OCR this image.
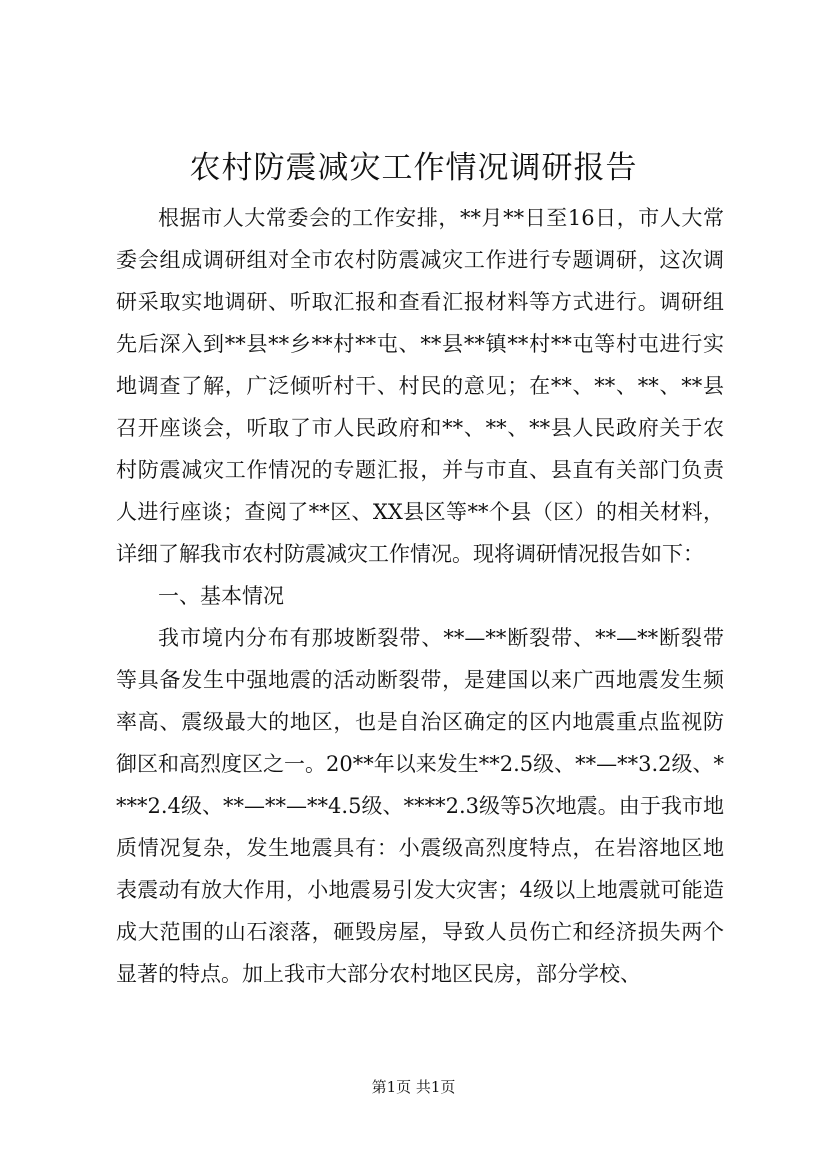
农村防震减灾工作情况调研报告

根据市人大常委会的工作安排，**月**日至16日，市人大常委会组成调研组对全市农村防震减灾工作进行专题调研，这次调研采取实地调研、听取汇报和查看汇报材料等方式进行。调研组先后深入到**县**乡**村**屯、**县**镇**村**屯等村屯进行实地调查了解，广泛倾听村干、村民的意见；在**、**、**、**县召开座谈会，听取了市人民政府和**、**、**县人民政府关于农村防震减灾工作情况的专题汇报，并与市直、县直有关部门负责人进行座谈；查阅了**区、XX县区等**个县（区）的相关材料，详细了解我市农村防震减灾工作情况。现将调研情况报告如下：

一、基本情况

我市境内分布有那坡断裂带、**—**断裂带、**—**断裂带等具备发生中强地震的活动断裂带，是建国以来广西地震发生频率高、震级最大的地区，也是自治区确定的区内地震重点监视防御区和高烈度区之一。20**年以来发生**2.5级、**—**3.2级、****2.4级、**—**—**4.5级、****2.3级等5次地震。由于我市地质情况复杂，发生地震具有：小震级高烈度特点，在岩溶地区地表震动有放大作用，小地震易引发大灾害；4级以上地震就可能造成大范围的山石滚落，砸毁房屋，导致人员伤亡和经济损失两个显著的特点。加上我市大部分农村地区民房，部分学校、

第1页 共1页
